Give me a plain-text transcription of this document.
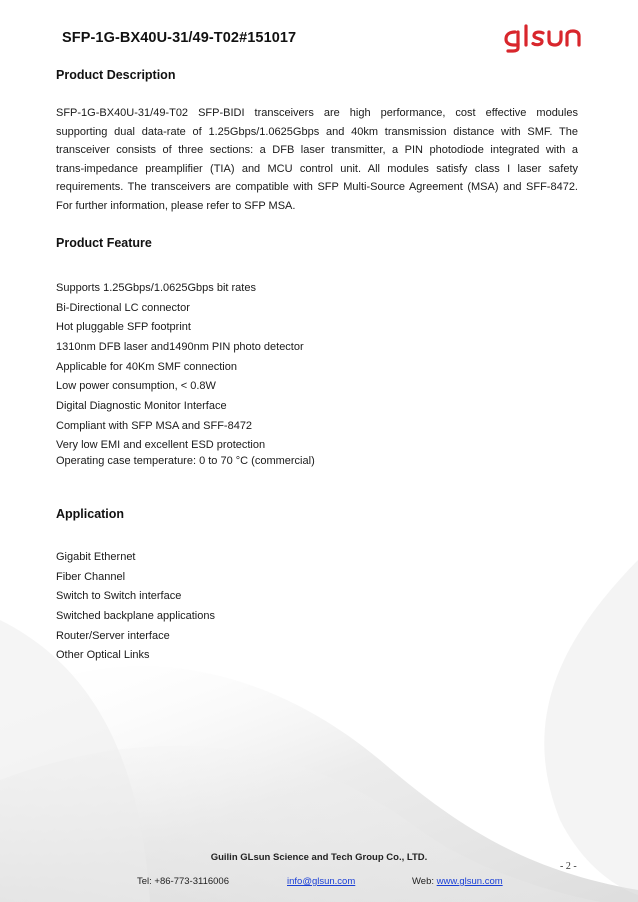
SFP-1G-BX40U-31/49-T02#151017
Product Description
SFP-1G-BX40U-31/49-T02 SFP-BIDI transceivers are high performance, cost effective modules
supporting dual data-rate of 1.25Gbps/1.0625Gbps and 40km transmission distance with SMF. The
transceiver consists of three sections: a DFB laser transmitter, a PIN photodiode integrated with a
trans-impedance preamplifier (TIA) and MCU control unit. All modules satisfy class I laser safety
requirements. The transceivers are compatible with SFP Multi-Source Agreement (MSA) and SFF-8472.
For further information, please refer to SFP MSA.
Product Feature
Supports 1.25Gbps/1.0625Gbps bit rates
Bi-Directional LC connector
Hot pluggable SFP footprint
1310nm DFB laser and1490nm PIN photo detector
Applicable for 40Km SMF connection
Low power consumption, < 0.8W
Digital Diagnostic Monitor Interface
Compliant with SFP MSA and SFF-8472
Very low EMI and excellent ESD protection
Operating case temperature: 0 to 70 °C (commercial)
Application
Gigabit Ethernet
Fiber Channel
Switch to Switch interface
Switched backplane applications
Router/Server interface
Other Optical Links
Guilin GLsun Science and Tech Group Co., LTD.
- 2 -
Tel: +86-773-3116006	info@glsun.com	Web: www.glsun.com
